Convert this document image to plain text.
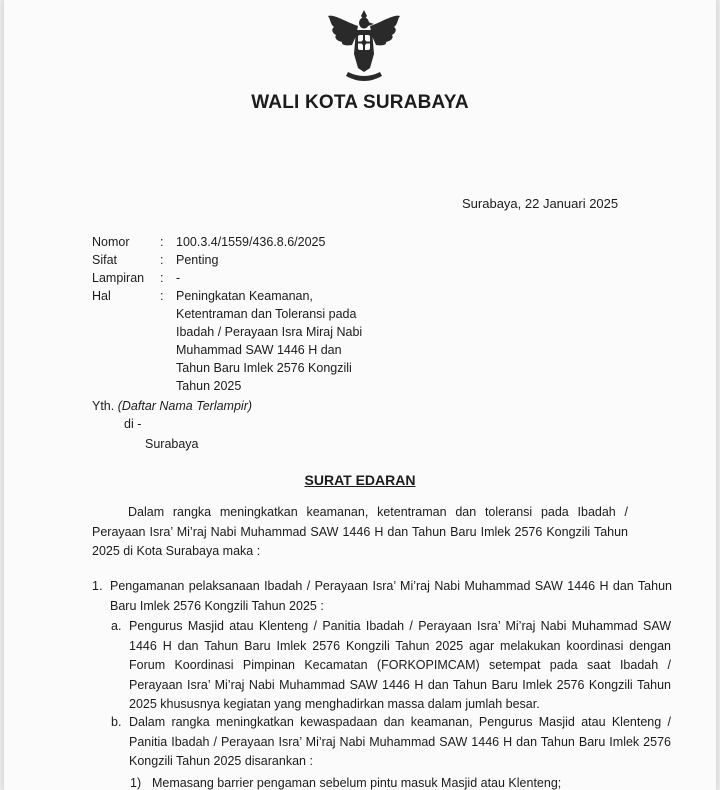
WALI KOTA SURABAYA
Surabaya, 22 Januari 2025
Nomor	:	100.3.4/1559/436.8.6/2025
Sifat	:	Penting
Lampiran	:	-
Hal	:	Peningkatan Keamanan, Ketentraman dan Toleransi pada Ibadah / Perayaan Isra Miraj Nabi Muhammad SAW 1446 H dan Tahun Baru Imlek 2576 Kongzili Tahun 2025
Yth. (Daftar Nama Terlampir)
di -
Surabaya
SURAT EDARAN
Dalam rangka meningkatkan keamanan, ketentraman dan toleransi pada Ibadah / Perayaan Isra’ Mi’raj Nabi Muhammad SAW 1446 H dan Tahun Baru Imlek 2576 Kongzili Tahun 2025 di Kota Surabaya maka :
1. Pengamanan pelaksanaan Ibadah / Perayaan Isra’ Mi’raj Nabi Muhammad SAW 1446 H dan Tahun Baru Imlek 2576 Kongzili Tahun 2025 :
a. Pengurus Masjid atau Klenteng / Panitia Ibadah / Perayaan Isra’ Mi’raj Nabi Muhammad SAW 1446 H dan Tahun Baru Imlek 2576 Kongzili Tahun 2025 agar melakukan koordinasi dengan Forum Koordinasi Pimpinan Kecamatan (FORKOPIMCAM) setempat pada saat Ibadah / Perayaan Isra’ Mi’raj Nabi Muhammad SAW 1446 H dan Tahun Baru Imlek 2576 Kongzili Tahun 2025 khususnya kegiatan yang menghadirkan massa dalam jumlah besar.
b. Dalam rangka meningkatkan kewaspadaan dan keamanan, Pengurus Masjid atau Klenteng / Panitia Ibadah / Perayaan Isra’ Mi’raj Nabi Muhammad SAW 1446 H dan Tahun Baru Imlek 2576 Kongzili Tahun 2025 disarankan :
1) Memasang barrier pengaman sebelum pintu masuk Masjid atau Klenteng;
